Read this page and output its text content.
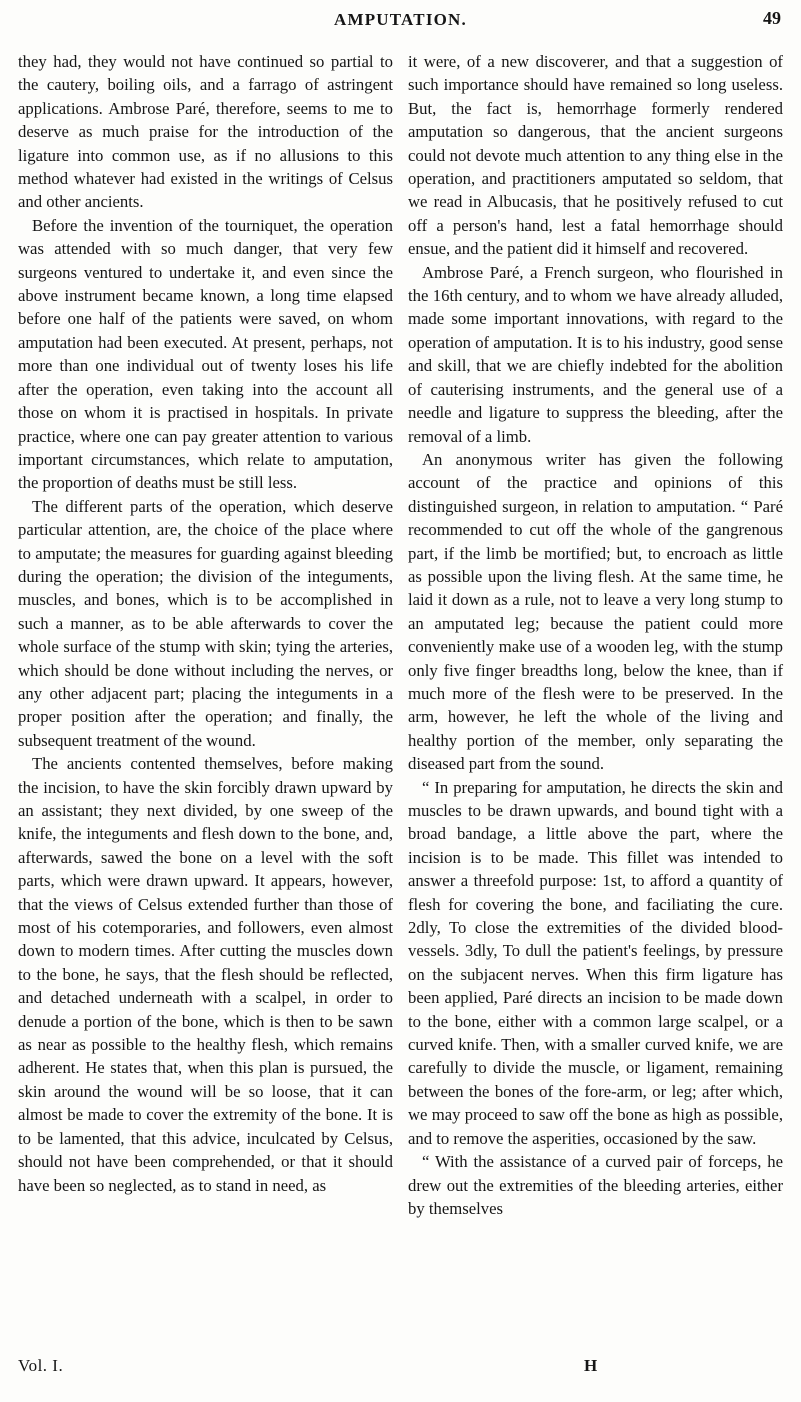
AMPUTATION.	49

they had, they would not have continued so partial to the cautery, boiling oils, and a farrago of astringent applications. Ambrose Paré, therefore, seems to me to deserve as much praise for the introduction of the ligature into common use, as if no allusions to this method whatever had existed in the writings of Celsus and other ancients.

Before the invention of the tourniquet, the operation was attended with so much danger, that very few surgeons ventured to undertake it, and even since the above instrument became known, a long time elapsed before one half of the patients were saved, on whom amputation had been executed. At present, perhaps, not more than one individual out of twenty loses his life after the operation, even taking into the account all those on whom it is practised in hospitals. In private practice, where one can pay greater attention to various important circumstances, which relate to amputation, the proportion of deaths must be still less.

The different parts of the operation, which deserve particular attention, are, the choice of the place where to amputate; the measures for guarding against bleeding during the operation; the division of the integuments, muscles, and bones, which is to be accomplished in such a manner, as to be able afterwards to cover the whole surface of the stump with skin; tying the arteries, which should be done without including the nerves, or any other adjacent part; placing the integuments in a proper position after the operation; and finally, the subsequent treatment of the wound.

The ancients contented themselves, before making the incision, to have the skin forcibly drawn upward by an assistant; they next divided, by one sweep of the knife, the integuments and flesh down to the bone, and, afterwards, sawed the bone on a level with the soft parts, which were drawn upward. It appears, however, that the views of Celsus extended further than those of most of his cotemporaries, and followers, even almost down to modern times. After cutting the muscles down to the bone, he says, that the flesh should be reflected, and detached underneath with a scalpel, in order to denude a portion of the bone, which is then to be sawn as near as possible to the healthy flesh, which remains adherent. He states that, when this plan is pursued, the skin around the wound will be so loose, that it can almost be made to cover the extremity of the bone. It is to be lamented, that this advice, inculcated by Celsus, should not have been comprehended, or that it should have been so neglected, as to stand in need, as

it were, of a new discoverer, and that a suggestion of such importance should have remained so long useless. But, the fact is, hemorrhage formerly rendered amputation so dangerous, that the ancient surgeons could not devote much attention to any thing else in the operation, and practitioners amputated so seldom, that we read in Albucasis, that he positively refused to cut off a person's hand, lest a fatal hemorrhage should ensue, and the patient did it himself and recovered.

Ambrose Paré, a French surgeon, who flourished in the 16th century, and to whom we have already alluded, made some important innovations, with regard to the operation of amputation. It is to his industry, good sense and skill, that we are chiefly indebted for the abolition of cauterising instruments, and the general use of a needle and ligature to suppress the bleeding, after the removal of a limb.

An anonymous writer has given the following account of the practice and opinions of this distinguished surgeon, in relation to amputation. “ Paré recommended to cut off the whole of the gangrenous part, if the limb be mortified; but, to encroach as little as possible upon the living flesh. At the same time, he laid it down as a rule, not to leave a very long stump to an amputated leg; because the patient could more conveniently make use of a wooden leg, with the stump only five finger breadths long, below the knee, than if much more of the flesh were to be preserved. In the arm, however, he left the whole of the living and healthy portion of the member, only separating the diseased part from the sound.

“ In preparing for amputation, he directs the skin and muscles to be drawn upwards, and bound tight with a broad bandage, a little above the part, where the incision is to be made. This fillet was intended to answer a threefold purpose: 1st, to afford a quantity of flesh for covering the bone, and faciliating the cure. 2dly, To close the extremities of the divided blood-vessels. 3dly, To dull the patient's feelings, by pressure on the subjacent nerves. When this firm ligature has been applied, Paré directs an incision to be made down to the bone, either with a common large scalpel, or a curved knife. Then, with a smaller curved knife, we are carefully to divide the muscle, or ligament, remaining between the bones of the fore-arm, or leg; after which, we may proceed to saw off the bone as high as possible, and to remove the asperities, occasioned by the saw.

“ With the assistance of a curved pair of forceps, he drew out the extremities of the bleeding arteries, either by themselves

Vol. I.	H
